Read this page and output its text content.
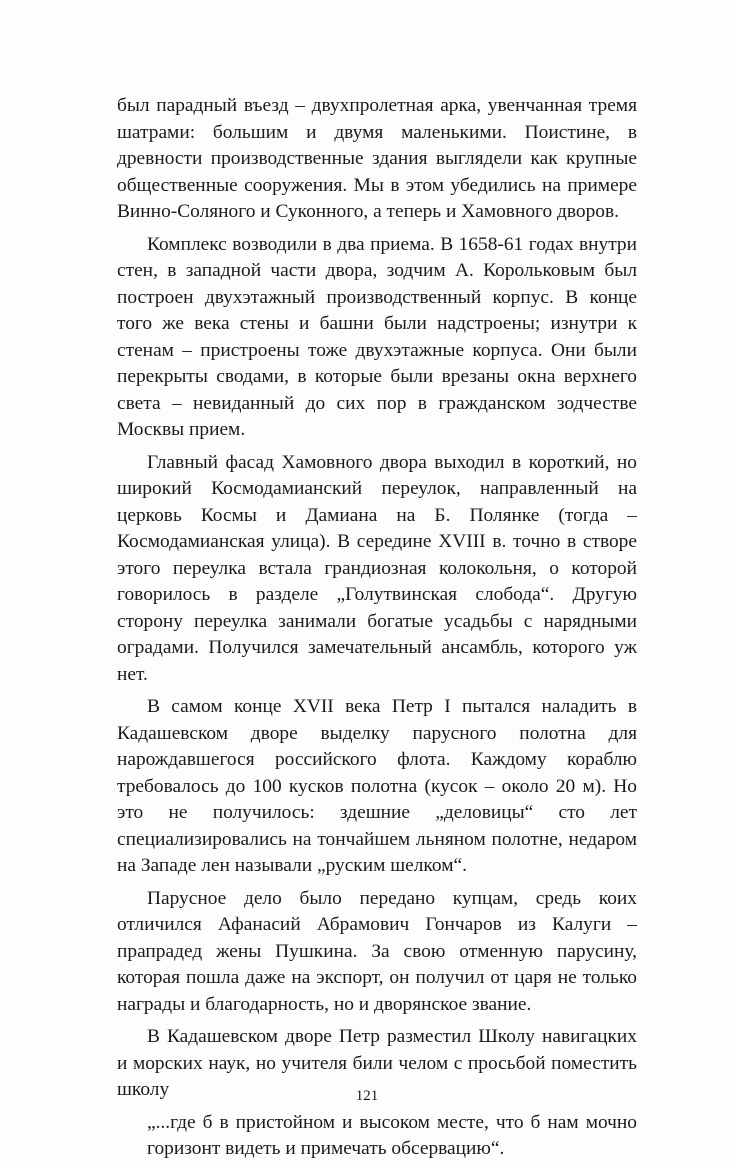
был парадный въезд – двухпролетная арка, увенчанная тремя шатрами: большим и двумя маленькими. Поистине, в древности производственные здания выглядели как крупные общественные сооружения. Мы в этом убедились на примере Винно-Соляного и Суконного, а теперь и Хамовного дворов.

Комплекс возводили в два приема. В 1658-61 годах внутри стен, в западной части двора, зодчим А. Корольковым был построен двухэтажный производственный корпус. В конце того же века стены и башни были надстроены; изнутри к стенам – пристроены тоже двухэтажные корпуса. Они были перекрыты сводами, в которые были врезаны окна верхнего света – невиданный до сих пор в гражданском зодчестве Москвы прием.

Главный фасад Хамовного двора выходил в короткий, но широкий Космодамианский переулок, направленный на церковь Космы и Дамиана на Б. Полянке (тогда – Космодамианская улица). В середине XVIII в. точно в створе этого переулка встала грандиозная колокольня, о которой говорилось в разделе „Голутвинская слобода“. Другую сторону переулка занимали богатые усадьбы с нарядными оградами. Получился замечательный ансамбль, которого уж нет.

В самом конце XVII века Петр I пытался наладить в Кадашевском дворе выделку парусного полотна для нарождавшегося российского флота. Каждому кораблю требовалось до 100 кусков полотна (кусок – около 20 м). Но это не получилось: здешние „деловицы“ сто лет специализировались на тончайшем льняном полотне, недаром на Западе лен называли „руским шелком“.

Парусное дело было передано купцам, средь коих отличился Афанасий Абрамович Гончаров из Калуги – прапрадед жены Пушкина. За свою отменную парусину, которая пошла даже на экспорт, он получил от царя не только награды и благодарность, но и дворянское звание.

В Кадашевском дворе Петр разместил Школу навигацких и морских наук, но учителя били челом с просьбой поместить школу

„...где б в пристойном и высоком месте, что б нам мочно горизонт видеть и примечать обсервацию“.

121
